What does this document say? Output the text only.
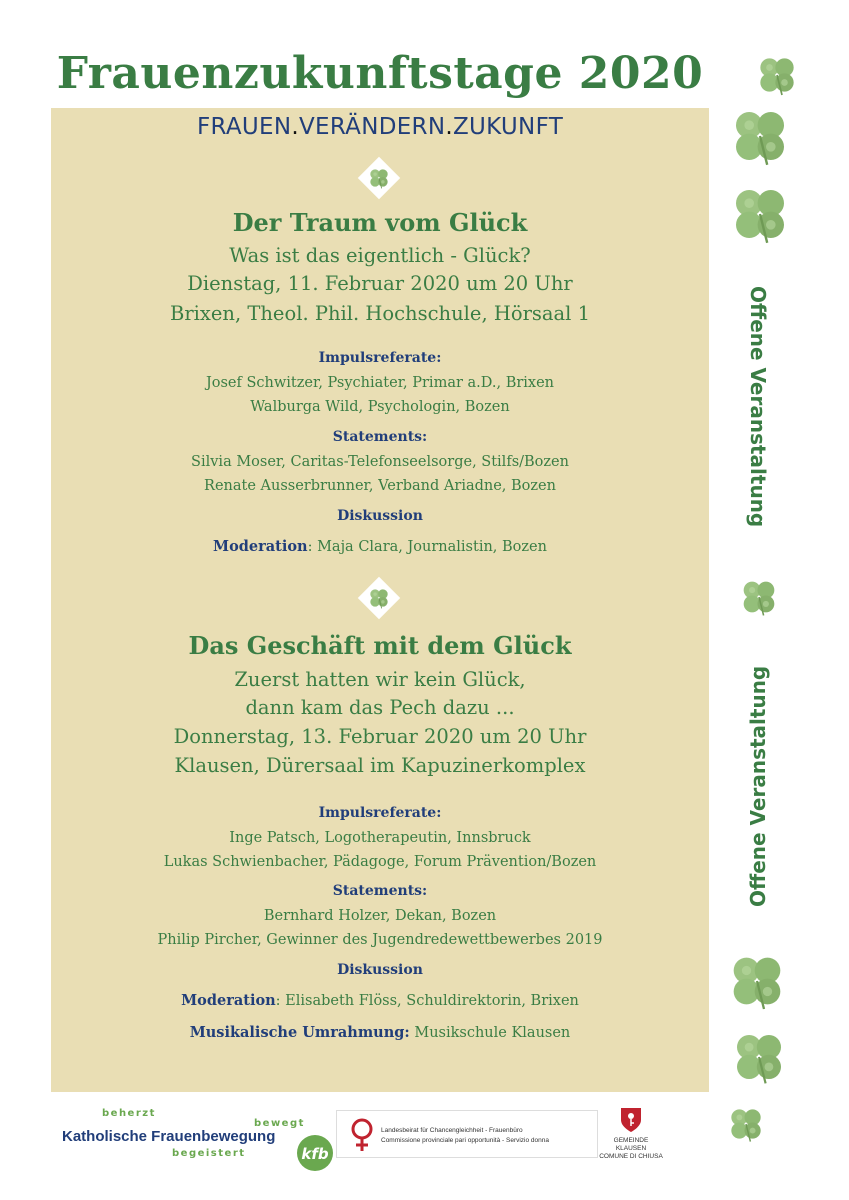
Frauenzukunftstage 2020
FRAUEN.VERÄNDERN.ZUKUNFT
Der Traum vom Glück
Was ist das eigentlich - Glück?
Dienstag, 11. Februar 2020 um 20 Uhr
Brixen, Theol. Phil. Hochschule, Hörsaal 1
Impulsreferate:
Josef Schwitzer, Psychiater, Primar a.D., Brixen
Walburga Wild, Psychologin, Bozen
Statements:
Silvia Moser, Caritas-Telefonseelsorge, Stilfs/Bozen
Renate Ausserbrunner, Verband Ariadne, Bozen
Diskussion
Moderation: Maja Clara, Journalistin, Bozen
Das Geschäft mit dem Glück
Zuerst hatten wir kein Glück,
dann kam das Pech dazu ...
Donnerstag, 13. Februar 2020 um 20 Uhr
Klausen, Dürersaal im Kapuzinerkomplex
Impulsreferate:
Inge Patsch, Logotherapeutin, Innsbruck
Lukas Schwienbacher, Pädagoge, Forum Prävention/Bozen
Statements:
Bernhard Holzer, Dekan, Bozen
Philip Pircher, Gewinner des Jugendredewettbewerbes 2019
Diskussion
Moderation: Elisabeth Flöss, Schuldirektorin, Brixen
Musikalische Umrahmung: Musikschule Klausen
Offene Veranstaltung
Offene Veranstaltung
beherzt
bewegt
Katholische Frauenbewegung
begeistert	kfb
Landesbeirat für Chancengleichheit - Frauenbüro
Commissione provinciale pari opportunità - Servizio donna	GEMEINDE KLAUSEN
COMUNE DI CHIUSA
